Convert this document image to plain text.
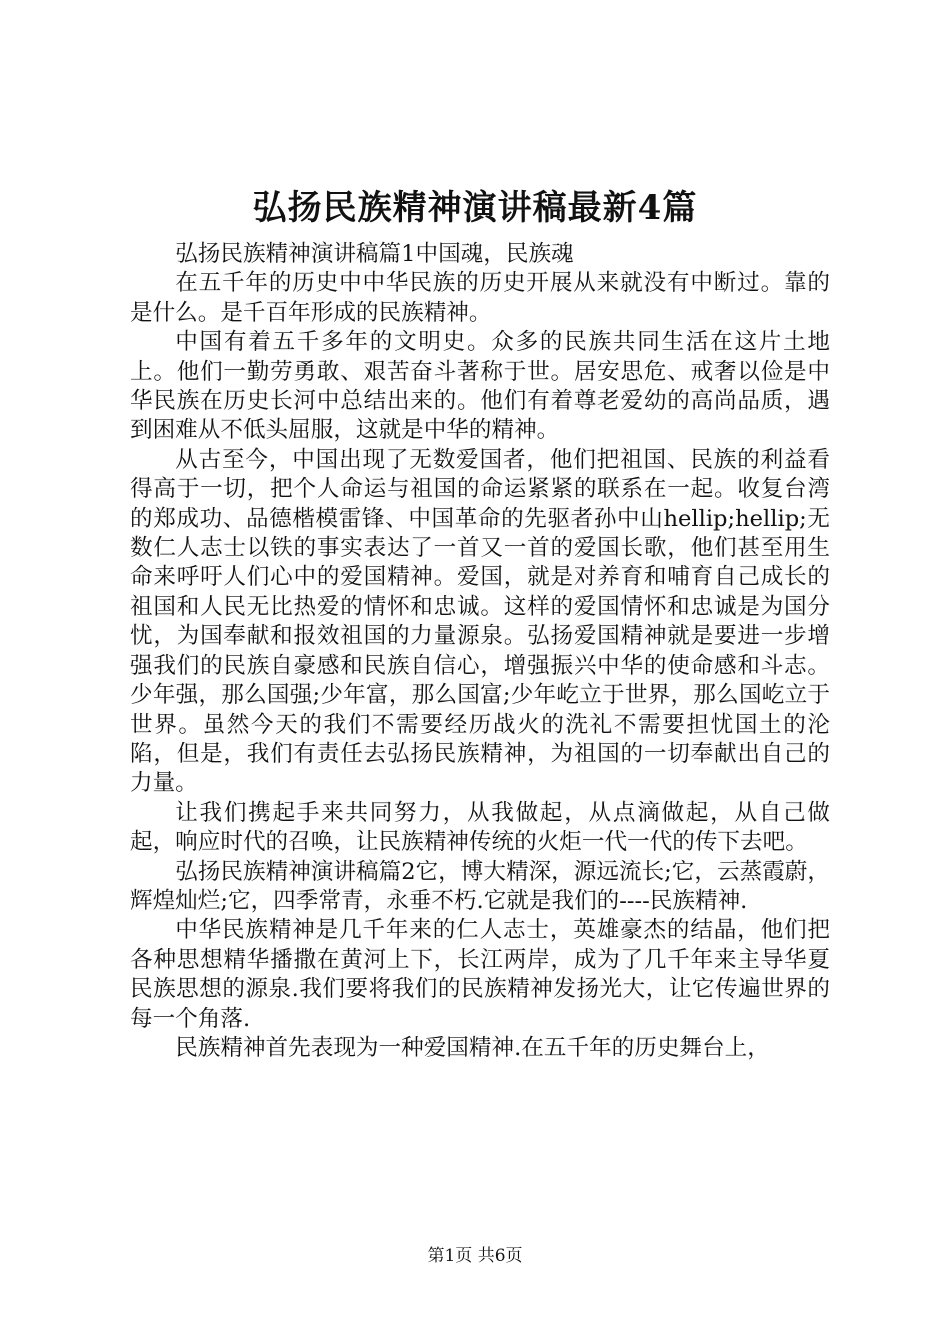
弘扬民族精神演讲稿最新4篇

弘扬民族精神演讲稿篇1中国魂，民族魂

在五千年的历史中中华民族的历史开展从来就没有中断过。靠的是什么。是千百年形成的民族精神。

中国有着五千多年的文明史。众多的民族共同生活在这片土地上。他们一勤劳勇敢、艰苦奋斗著称于世。居安思危、戒奢以俭是中华民族在历史长河中总结出来的。他们有着尊老爱幼的高尚品质，遇到困难从不低头屈服，这就是中华的精神。

从古至今，中国出现了无数爱国者，他们把祖国、民族的利益看得高于一切，把个人命运与祖国的命运紧紧的联系在一起。收复台湾的郑成功、品德楷模雷锋、中国革命的先驱者孙中山hellip;hellip;无数仁人志士以铁的事实表达了一首又一首的爱国长歌，他们甚至用生命来呼吁人们心中的爱国精神。爱国，就是对养育和哺育自己成长的祖国和人民无比热爱的情怀和忠诚。这样的爱国情怀和忠诚是为国分忧，为国奉献和报效祖国的力量源泉。弘扬爱国精神就是要进一步增强我们的民族自豪感和民族自信心，增强振兴中华的使命感和斗志。少年强，那么国强;少年富，那么国富;少年屹立于世界，那么国屹立于世界。虽然今天的我们不需要经历战火的洗礼不需要担忧国土的沦陷，但是，我们有责任去弘扬民族精神，为祖国的一切奉献出自己的力量。

让我们携起手来共同努力，从我做起，从点滴做起，从自己做起，响应时代的召唤，让民族精神传统的火炬一代一代的传下去吧。

弘扬民族精神演讲稿篇2它，博大精深，源远流长;它，云蒸霞蔚，辉煌灿烂;它，四季常青，永垂不朽.它就是我们的----民族精神.

中华民族精神是几千年来的仁人志士，英雄豪杰的结晶，他们把各种思想精华播撒在黄河上下，长江两岸，成为了几千年来主导华夏民族思想的源泉.我们要将我们的民族精神发扬光大，让它传遍世界的每一个角落.

民族精神首先表现为一种爱国精神.在五千年的历史舞台上，

第1页 共6页
